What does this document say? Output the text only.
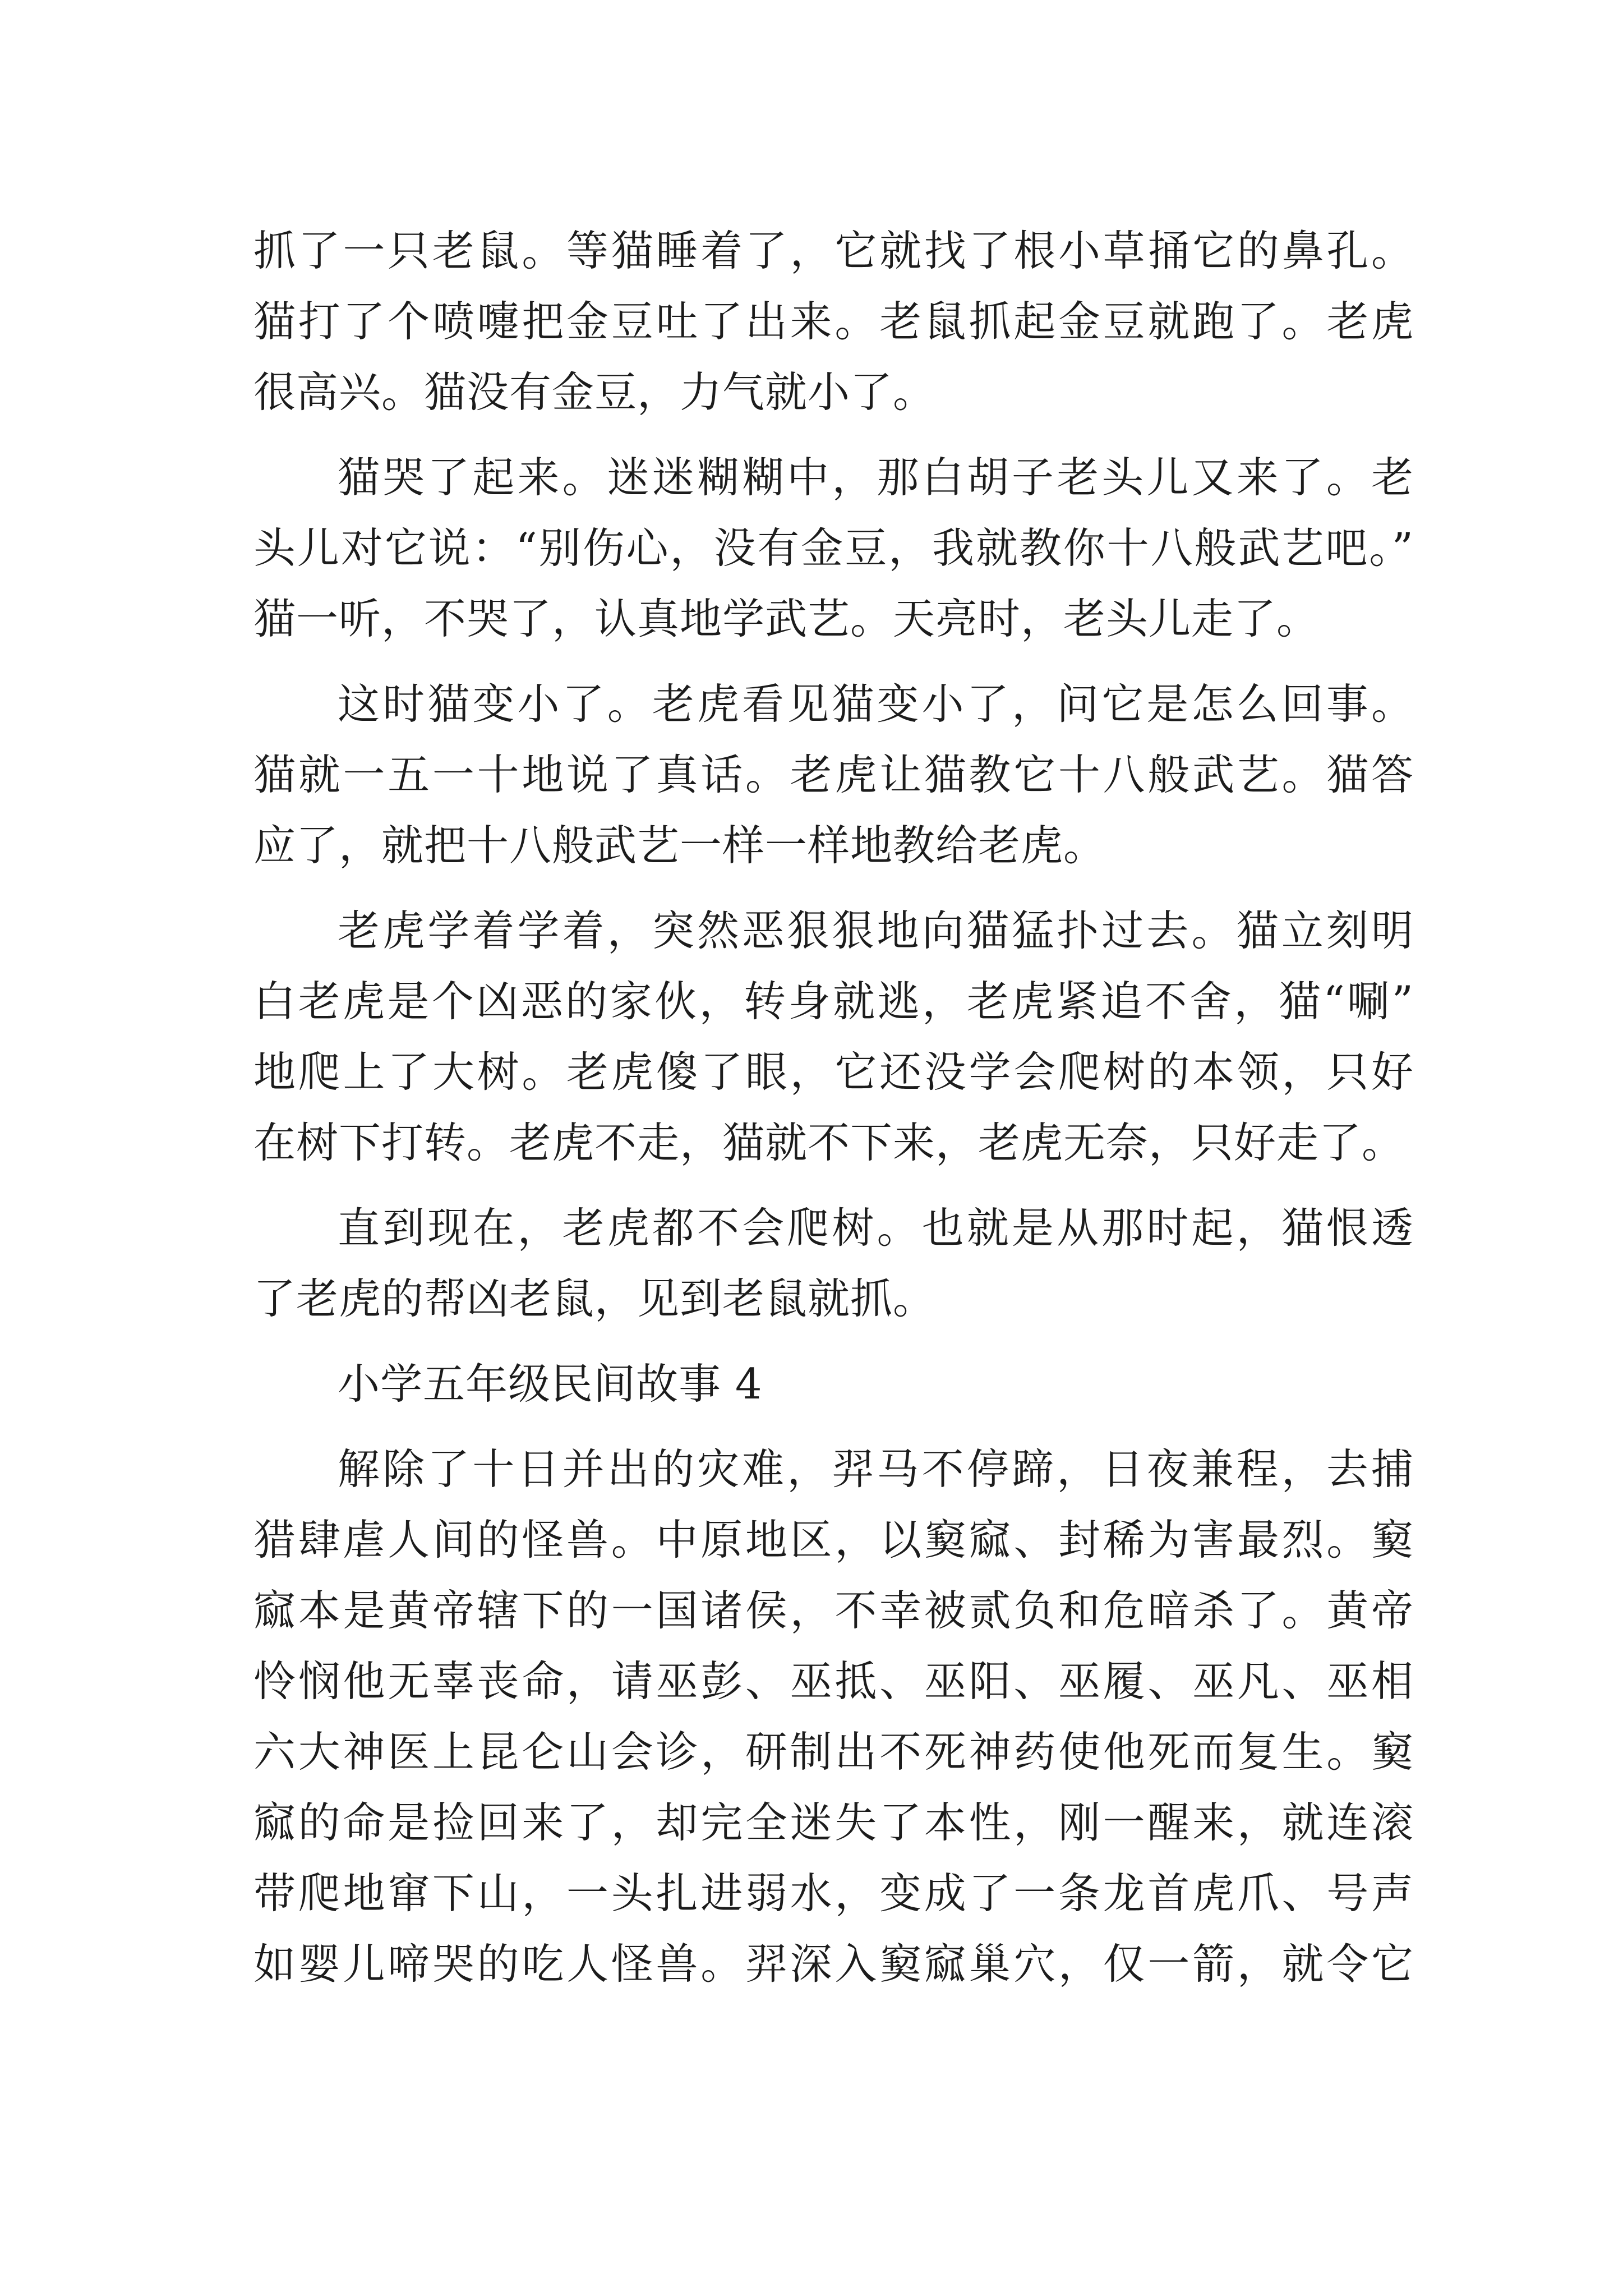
抓了一只老鼠。等猫睡着了，它就找了根小草捅它的鼻孔。
猫打了个喷嚏把金豆吐了出来。老鼠抓起金豆就跑了。老虎
很高兴。猫没有金豆，力气就小了。
猫哭了起来。迷迷糊糊中，那白胡子老头儿又来了。老
头儿对它说：“别伤心，没有金豆，我就教你十八般武艺吧。”
猫一听，不哭了，认真地学武艺。天亮时，老头儿走了。
这时猫变小了。老虎看见猫变小了，问它是怎么回事。
猫就一五一十地说了真话。老虎让猫教它十八般武艺。猫答
应了，就把十八般武艺一样一样地教给老虎。
老虎学着学着，突然恶狠狠地向猫猛扑过去。猫立刻明
白老虎是个凶恶的家伙，转身就逃，老虎紧追不舍，猫“唰”
地爬上了大树。老虎傻了眼，它还没学会爬树的本领，只好
在树下打转。老虎不走，猫就不下来，老虎无奈，只好走了。
直到现在，老虎都不会爬树。也就是从那时起，猫恨透
了老虎的帮凶老鼠，见到老鼠就抓。
小学五年级民间故事 4
解除了十日并出的灾难，羿马不停蹄，日夜兼程，去捕
猎肆虐人间的怪兽。中原地区，以窫窳、封稀为害最烈。窫
窳本是黄帝辖下的一国诸侯，不幸被贰负和危暗杀了。黄帝
怜悯他无辜丧命，请巫彭、巫抵、巫阳、巫履、巫凡、巫相
六大神医上昆仑山会诊，研制出不死神药使他死而复生。窫
窳的命是捡回来了，却完全迷失了本性，刚一醒来，就连滚
带爬地窜下山，一头扎进弱水，变成了一条龙首虎爪、号声
如婴儿啼哭的吃人怪兽。羿深入窫窳巢穴，仅一箭，就令它
